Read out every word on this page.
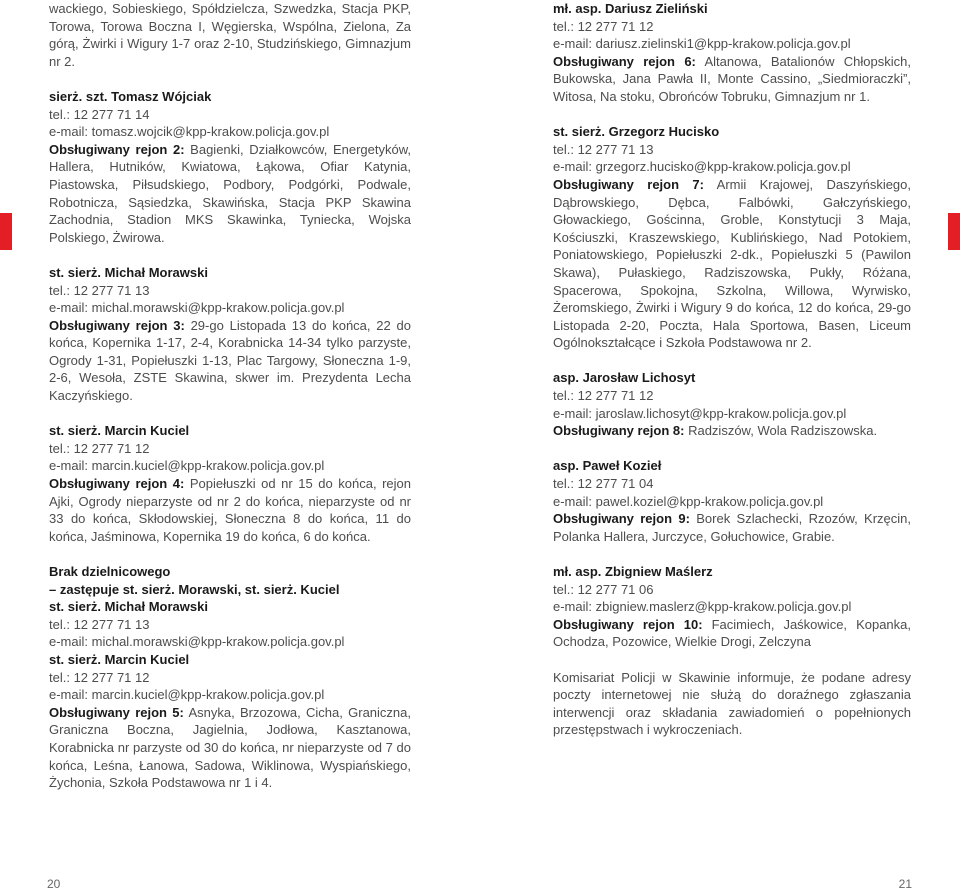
wackiego, Sobieskiego, Spółdzielcza, Szwedzka, Stacja PKP, Torowa, Torowa Boczna I, Węgierska, Wspólna, Zielona, Za górą, Żwirki i Wigury 1-7 oraz 2-10, Studzińskiego, Gimnazjum nr 2.

sierż. szt. Tomasz Wójciak

tel.: 12 277 71 14

e-mail: tomasz.wojcik@kpp-krakow.policja.gov.pl

Obsługiwany rejon 2: Bagienki, Działkowców, Energetyków, Hallera, Hutników, Kwiatowa, Łąkowa, Ofiar Katynia, Piastowska, Piłsudskiego, Podbory, Podgórki, Podwale, Robotnicza, Sąsiedzka, Skawińska, Stacja PKP Skawina Zachodnia, Stadion MKS Skawinka, Tyniecka, Wojska Polskiego, Żwirowa.

st. sierż. Michał Morawski

tel.: 12 277 71 13

e-mail: michal.morawski@kpp-krakow.policja.gov.pl

Obsługiwany rejon 3: 29-go Listopada 13 do końca, 22 do końca, Kopernika 1-17, 2-4, Korabnicka 14-34 tylko parzyste, Ogrody 1-31, Popiełuszki 1-13, Plac Targowy, Słoneczna 1-9, 2-6, Wesoła, ZSTE Skawina, skwer im. Prezydenta Lecha Kaczyńskiego.

st. sierż. Marcin Kuciel

tel.: 12 277 71 12

e-mail: marcin.kuciel@kpp-krakow.policja.gov.pl

Obsługiwany rejon 4: Popiełuszki od nr 15 do końca, rejon Ajki, Ogrody nieparzyste od nr 2 do końca, nieparzyste od nr 33 do końca, Skłodowskiej, Słoneczna 8 do końca, 11 do końca, Jaśminowa, Kopernika 19 do końca, 6 do końca.

Brak dzielnicowego

– zastępuje st. sierż. Morawski, st. sierż. Kuciel

st. sierż. Michał Morawski

tel.: 12 277 71 13

e-mail: michal.morawski@kpp-krakow.policja.gov.pl

st. sierż. Marcin Kuciel

tel.: 12 277 71 12

e-mail: marcin.kuciel@kpp-krakow.policja.gov.pl

Obsługiwany rejon 5: Asnyka, Brzozowa, Cicha, Graniczna, Graniczna Boczna, Jagielnia, Jodłowa, Kasztanowa, Korabnicka nr parzyste od 30 do końca, nr nieparzyste od 7 do końca, Leśna, Łanowa, Sadowa, Wiklinowa, Wyspiańskiego, Żychonia, Szkoła Podstawowa nr 1 i 4.

mł. asp. Dariusz Zieliński

tel.: 12 277 71 12

e-mail: dariusz.zielinski1@kpp-krakow.policja.gov.pl

Obsługiwany rejon 6: Altanowa, Batalionów Chłopskich, Bukowska, Jana Pawła II, Monte Cassino, „Siedmioraczki”, Witosa, Na stoku, Obrońców Tobruku, Gimnazjum nr 1.

st. sierż. Grzegorz Hucisko

tel.: 12 277 71 13

e-mail: grzegorz.hucisko@kpp-krakow.policja.gov.pl

Obsługiwany rejon 7: Armii Krajowej, Daszyńskiego, Dąbrowskiego, Dębca, Falbówki, Gałczyńskiego, Głowackiego, Gościnna, Groble, Konstytucji 3 Maja, Kościuszki, Kraszewskiego, Kublińskiego, Nad Potokiem, Poniatowskiego, Popiełuszki 2-dk., Popiełuszki 5 (Pawilon Skawa), Pułaskiego, Radziszowska, Pukły, Różana, Spacerowa, Spokojna, Szkolna, Willowa, Wyrwisko, Żeromskiego, Żwirki i Wigury 9 do końca, 12 do końca, 29-go Listopada 2-20, Poczta, Hala Sportowa, Basen, Liceum Ogólnokształcące i Szkoła Podstawowa nr 2.

asp. Jarosław Lichosyt

tel.: 12 277 71 12

e-mail: jaroslaw.lichosyt@kpp-krakow.policja.gov.pl

Obsługiwany rejon 8: Radziszów, Wola Radziszowska.

asp. Paweł Kozieł

tel.: 12 277 71 04

e-mail: pawel.koziel@kpp-krakow.policja.gov.pl

Obsługiwany rejon 9: Borek Szlachecki, Rzozów, Krzęcin, Polanka Hallera, Jurczyce, Gołuchowice, Grabie.

mł. asp. Zbigniew Maślerz

tel.: 12 277 71 06

e-mail: zbigniew.maslerz@kpp-krakow.policja.gov.pl

Obsługiwany rejon 10: Facimiech, Jaśkowice, Kopanka, Ochodza, Pozowice, Wielkie Drogi, Zelczyna

Komisariat Policji w Skawinie informuje, że podane adresy poczty internetowej nie służą do doraźnego zgłaszania interwencji oraz składania zawiadomień o popełnionych przestępstwach i wykroczeniach.

20	21
